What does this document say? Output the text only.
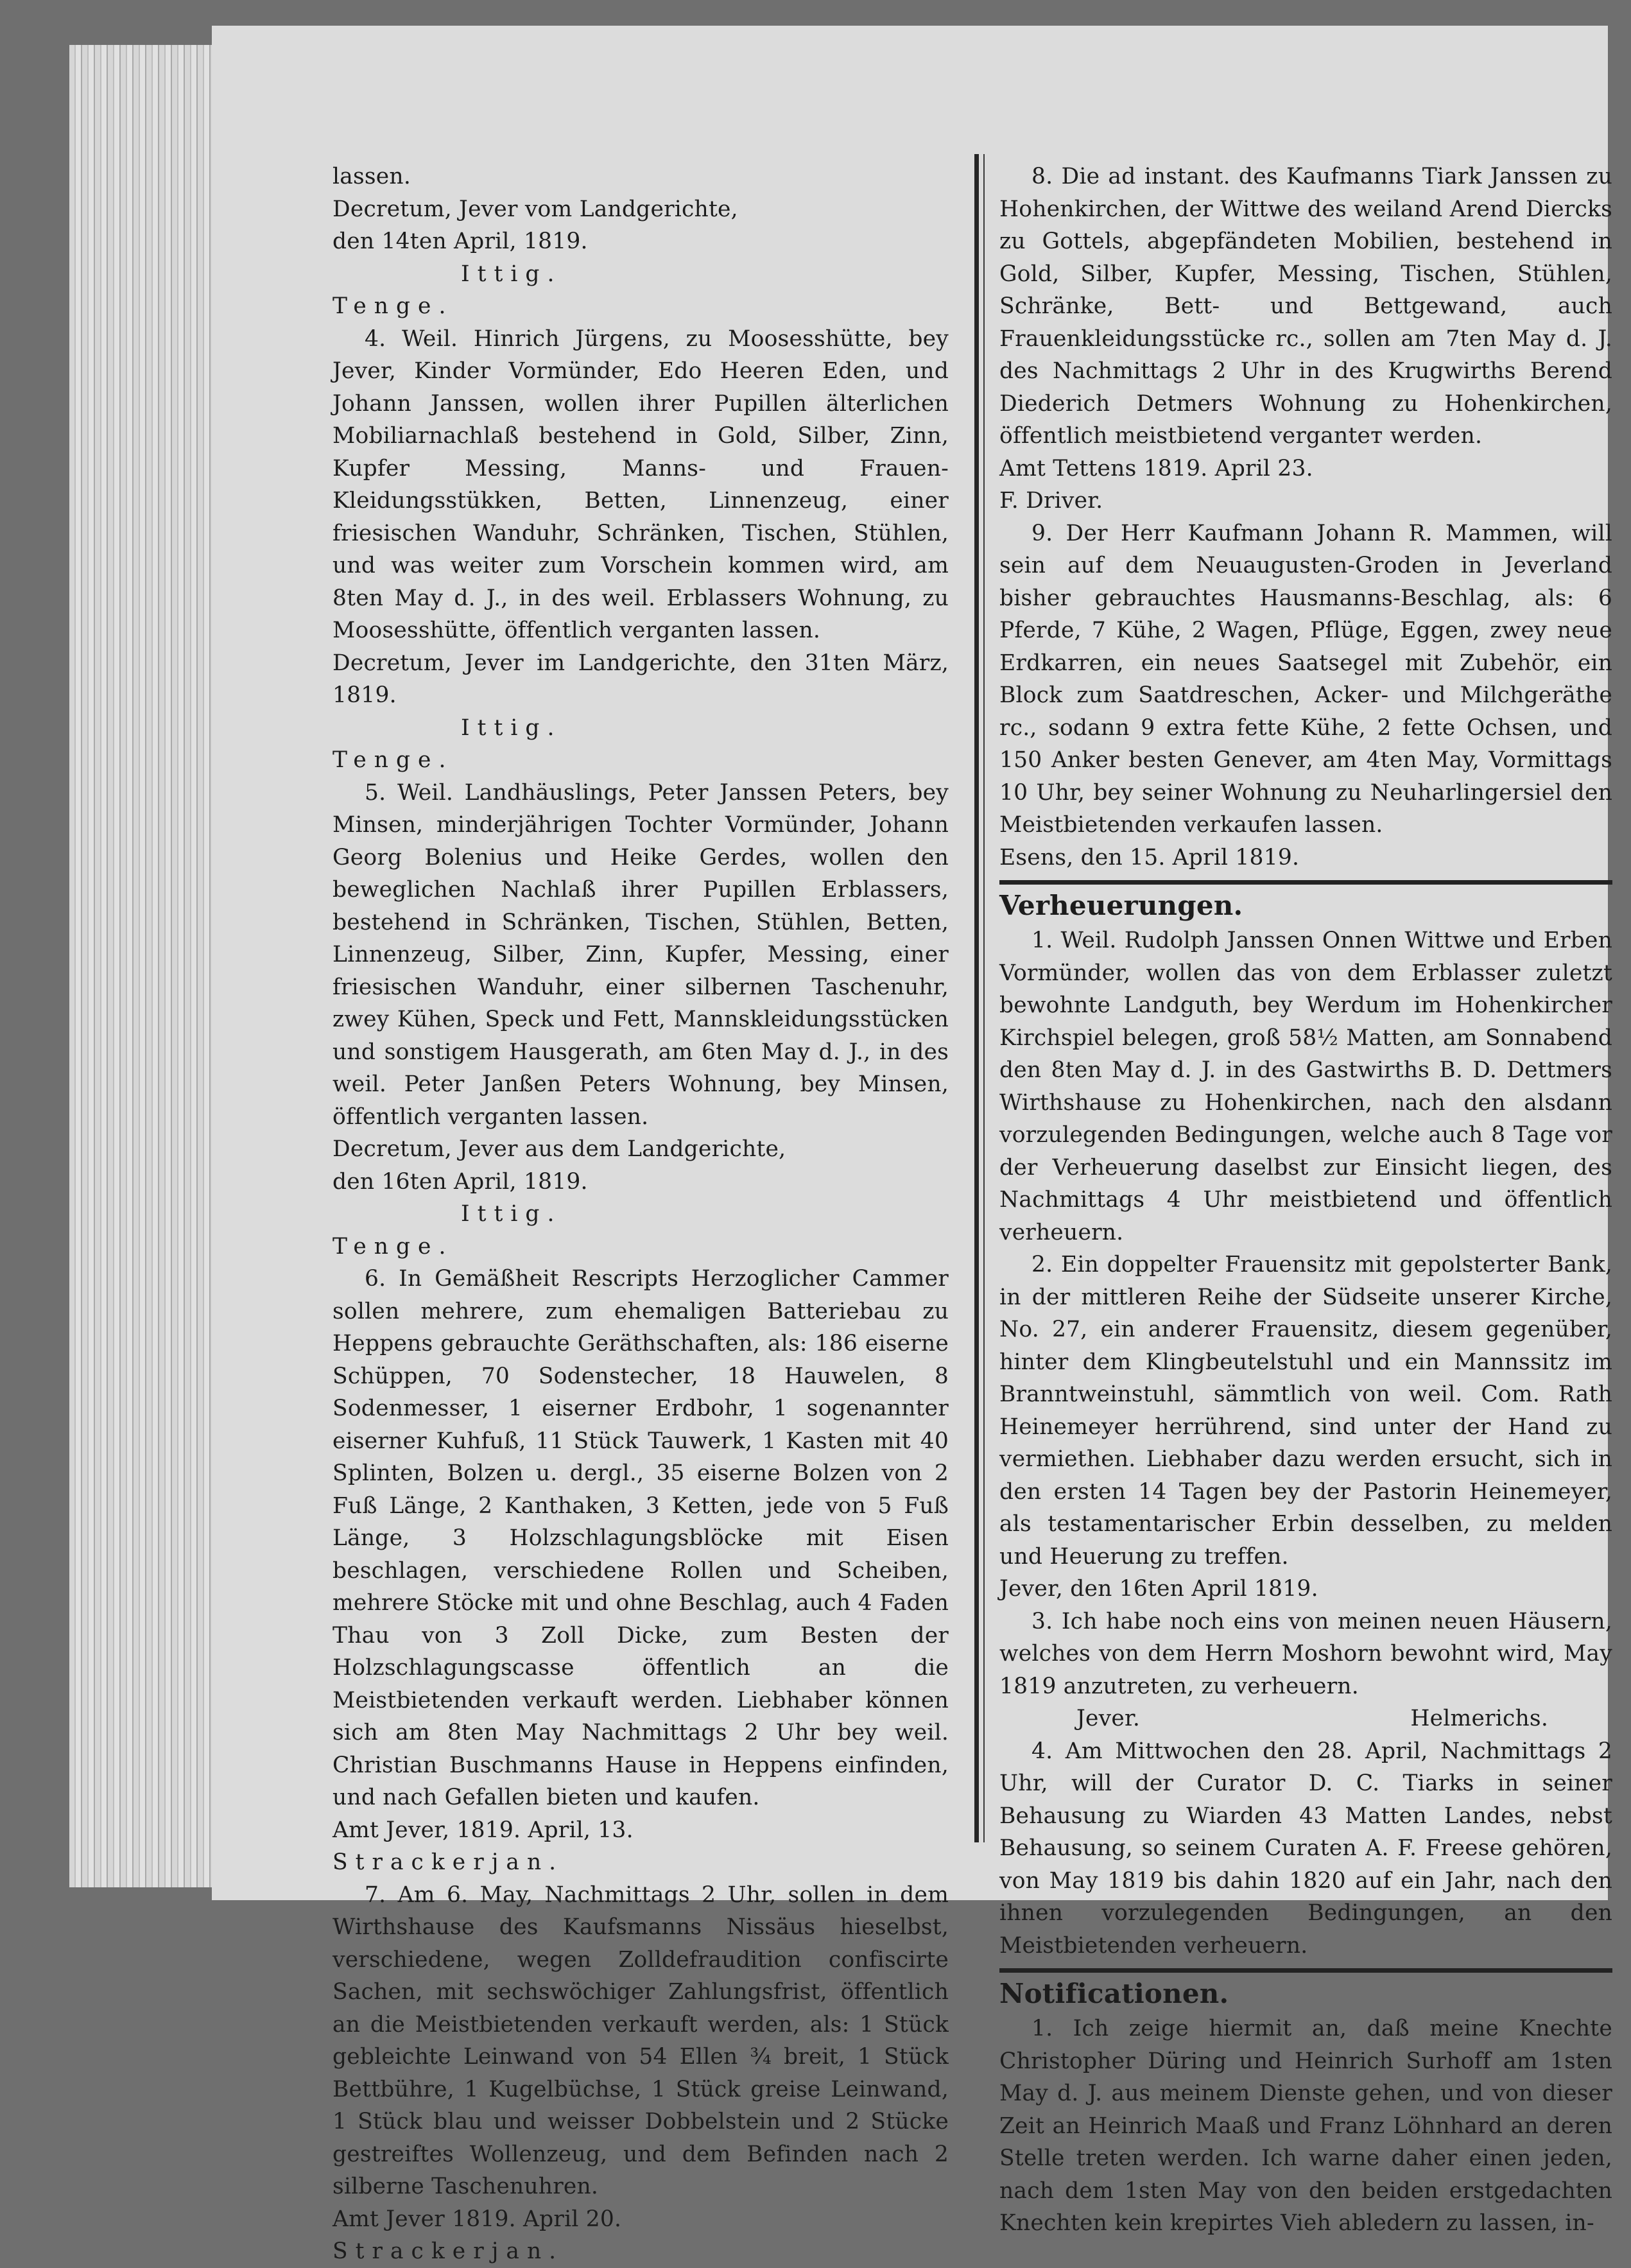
lassen.

Decretum, Jever vom Landgerichte,

den 14ten April, 1819.

Ittig.

Tenge.

4. Weil. Hinrich Jürgens, zu Moosesshütte, bey Jever, Kinder Vormünder, Edo Heeren Eden, und Johann Janssen, wollen ihrer Pupillen älterlichen Mobiliarnachlaß bestehend in Gold, Silber, Zinn, Kupfer Messing, Manns- und Frauen-Kleidungsstükken, Betten, Linnenzeug, einer friesischen Wanduhr, Schränken, Tischen, Stühlen, und was weiter zum Vorschein kommen wird, am 8ten May d. J., in des weil. Erblassers Wohnung, zu Moosesshütte, öffentlich verganten lassen.

Decretum, Jever im Landgerichte, den 31ten März, 1819.

Ittig.

Tenge.

5. Weil. Landhäuslings, Peter Janssen Peters, bey Minsen, minderjährigen Tochter Vormünder, Johann Georg Bolenius und Heike Gerdes, wollen den beweglichen Nachlaß ihrer Pupillen Erblassers, bestehend in Schränken, Tischen, Stühlen, Betten, Linnenzeug, Silber, Zinn, Kupfer, Messing, einer friesischen Wanduhr, einer silbernen Taschenuhr, zwey Kühen, Speck und Fett, Mannskleidungsstücken und sonstigem Hausgerath, am 6ten May d. J., in des weil. Peter Janßen Peters Wohnung, bey Minsen, öffentlich verganten lassen.

Decretum, Jever aus dem Landgerichte,

den 16ten April, 1819.

Ittig.

Tenge.

6. In Gemäßheit Rescripts Herzoglicher Cammer sollen mehrere, zum ehemaligen Batteriebau zu Heppens gebrauchte Geräthschaften, als: 186 eiserne Schüppen, 70 Sodenstecher, 18 Hauwelen, 8 Sodenmesser, 1 eiserner Erdbohr, 1 sogenannter eiserner Kuhfuß, 11 Stück Tauwerk, 1 Kasten mit 40 Splinten, Bolzen u. dergl., 35 eiserne Bolzen von 2 Fuß Länge, 2 Kanthaken, 3 Ketten, jede von 5 Fuß Länge, 3 Holzschlagungsblöcke mit Eisen beschlagen, verschiedene Rollen und Scheiben, mehrere Stöcke mit und ohne Beschlag, auch 4 Faden Thau von 3 Zoll Dicke, zum Besten der Holzschlagungscasse öffentlich an die Meistbietenden verkauft werden. Liebhaber können sich am 8ten May Nachmittags 2 Uhr bey weil. Christian Buschmanns Hause in Heppens einfinden, und nach Gefallen bieten und kaufen.

Amt Jever, 1819. April, 13.

Strackerjan.

7. Am 6. May, Nachmittags 2 Uhr, sollen in dem Wirthshause des Kaufsmanns Nissäus hieselbst, verschiedene, wegen Zolldefraudition confiscirte Sachen, mit sechswöchiger Zahlungsfrist, öffentlich an die Meistbietenden verkauft werden, als: 1 Stück gebleichte Leinwand von 54 Ellen ¾ breit, 1 Stück Bettbühre, 1 Kugelbüchse, 1 Stück greise Leinwand, 1 Stück blau und weisser Dobbelstein und 2 Stücke gestreiftes Wollenzeug, und dem Befinden nach 2 silberne Taschenuhren.

Amt Jever 1819. April 20.

Strackerjan.

8. Die ad instant. des Kaufmanns Tiark Janssen zu Hohenkirchen, der Wittwe des weiland Arend Diercks zu Gottels, abgepfändeten Mobilien, bestehend in Gold, Silber, Kupfer, Messing, Tischen, Stühlen, Schränke, Bett- und Bettgewand, auch Frauenkleidungsstücke rc., sollen am 7ten May d. J. des Nachmittags 2 Uhr in des Krugwirths Berend Diederich Detmers Wohnung zu Hohenkirchen, öffentlich meistbietend verganteт werden.

Amt Tettens 1819. April 23.

F. Driver.

9. Der Herr Kaufmann Johann R. Mammen, will sein auf dem Neuaugusten-Groden in Jeverland bisher gebrauchtes Hausmanns-Beschlag, als: 6 Pferde, 7 Kühe, 2 Wagen, Pflüge, Eggen, zwey neue Erdkarren, ein neues Saatsegel mit Zubehör, ein Block zum Saatdreschen, Acker- und Milchgeräthe rc., sodann 9 extra fette Kühe, 2 fette Ochsen, und 150 Anker besten Genever, am 4ten May, Vormittags 10 Uhr, bey seiner Wohnung zu Neuharlingersiel den Meistbietenden verkaufen lassen.

Esens, den 15. April 1819.

Verheuerungen.

1. Weil. Rudolph Janssen Onnen Wittwe und Erben Vormünder, wollen das von dem Erblasser zuletzt bewohnte Landguth, bey Werdum im Hohenkircher Kirchspiel belegen, groß 58½ Matten, am Sonnabend den 8ten May d. J. in des Gastwirths B. D. Dettmers Wirthshause zu Hohenkirchen, nach den alsdann vorzulegenden Bedingungen, welche auch 8 Tage vor der Verheuerung daselbst zur Einsicht liegen, des Nachmittags 4 Uhr meistbietend und öffentlich verheuern.

2. Ein doppelter Frauensitz mit gepolsterter Bank, in der mittleren Reihe der Südseite unserer Kirche, No. 27, ein anderer Frauensitz, diesem gegenüber, hinter dem Klingbeutelstuhl und ein Mannssitz im Branntweinstuhl, sämmtlich von weil. Com. Rath Heinemeyer herrührend, sind unter der Hand zu vermiethen. Liebhaber dazu werden ersucht, sich in den ersten 14 Tagen bey der Pastorin Heinemeyer, als testamentarischer Erbin desselben, zu melden und Heuerung zu treffen.

Jever, den 16ten April 1819.

3. Ich habe noch eins von meinen neuen Häusern, welches von dem Herrn Moshorn bewohnt wird, May 1819 anzutreten, zu verheuern.

Jever.	Helmerichs.

4. Am Mittwochen den 28. April, Nachmittags 2 Uhr, will der Curator D. C. Tiarks in seiner Behausung zu Wiarden 43 Matten Landes, nebst Behausung, so seinem Curaten A. F. Freese gehören, von May 1819 bis dahin 1820 auf ein Jahr, nach den ihnen vorzulegenden Bedingungen, an den Meistbietenden verheuern.

Notificationen.

1. Ich zeige hiermit an, daß meine Knechte Christopher Düring und Heinrich Surhoff am 1sten May d. J. aus meinem Dienste gehen, und von dieser Zeit an Heinrich Maaß und Franz Löhnhard an deren Stelle treten werden. Ich warne daher einen jeden, nach dem 1sten May von den beiden erstgedachten Knechten kein krepirtes Vieh abledern zu lassen, in-
